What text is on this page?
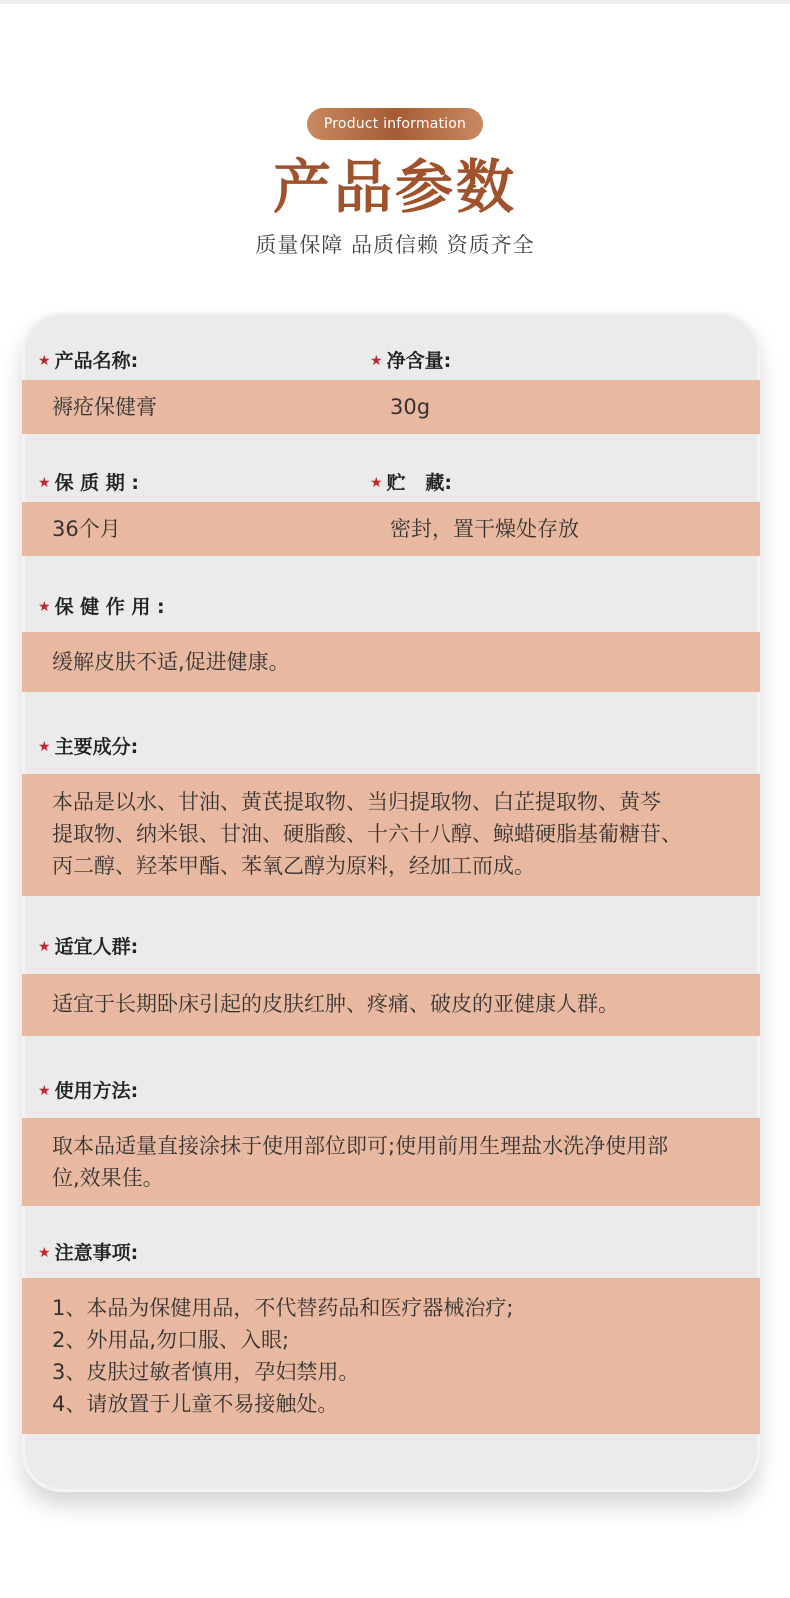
Product information
产品参数
质量保障 品质信赖 资质齐全
★ 产品名称:	★ 净含量:
褥疮保健膏	30g
★ 保 质 期 :	★ 贮   藏:
36个月	密封，置干燥处存放
★ 保 健 作 用 :
缓解皮肤不适,促进健康。
★ 主要成分:
本品是以水、甘油、黄芪提取物、当归提取物、白芷提取物、黄芩
提取物、纳米银、甘油、硬脂酸、十六十八醇、鲸蜡硬脂基葡糖苷、
丙二醇、羟苯甲酯、苯氧乙醇为原料，经加工而成。
★ 适宜人群:
适宜于长期卧床引起的皮肤红肿、疼痛、破皮的亚健康人群。
★ 使用方法:
取本品适量直接涂抹于使用部位即可;使用前用生理盐水洗净使用部
位,效果佳。
★ 注意事项:
1、本品为保健用品，不代替药品和医疗器械治疗;
2、外用品,勿口服、入眼;
3、皮肤过敏者慎用，孕妇禁用。
4、请放置于儿童不易接触处。
